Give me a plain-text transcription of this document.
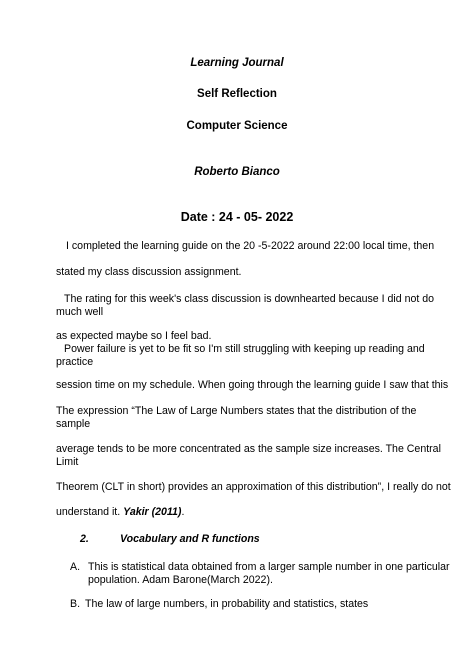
Learning Journal
Self Reflection
Computer Science
Roberto Bianco
Date : 24 - 05- 2022
I completed the learning guide on the 20 -5-2022 around 22:00 local time, then
stated my class discussion assignment.
The rating for this week's class discussion is downhearted because I did not do
much well
as expected maybe so I feel bad.
Power failure is yet to be fit so I'm still struggling with keeping up reading and
practice
session time on my schedule. When going through the learning guide I saw that this
The expression “The Law of Large Numbers states that the distribution of the
sample
average tends to be more concentrated as the sample size increases. The Central
Limit
Theorem (CLT in short) provides an approximation of this distribution”, I really do not
understand it. Yakir (2011).
2.	Vocabulary and R functions
A. This is statistical data obtained from a larger sample number in one particular
population. Adam Barone(March 2022).
B. The law of large numbers, in probability and statistics, states
